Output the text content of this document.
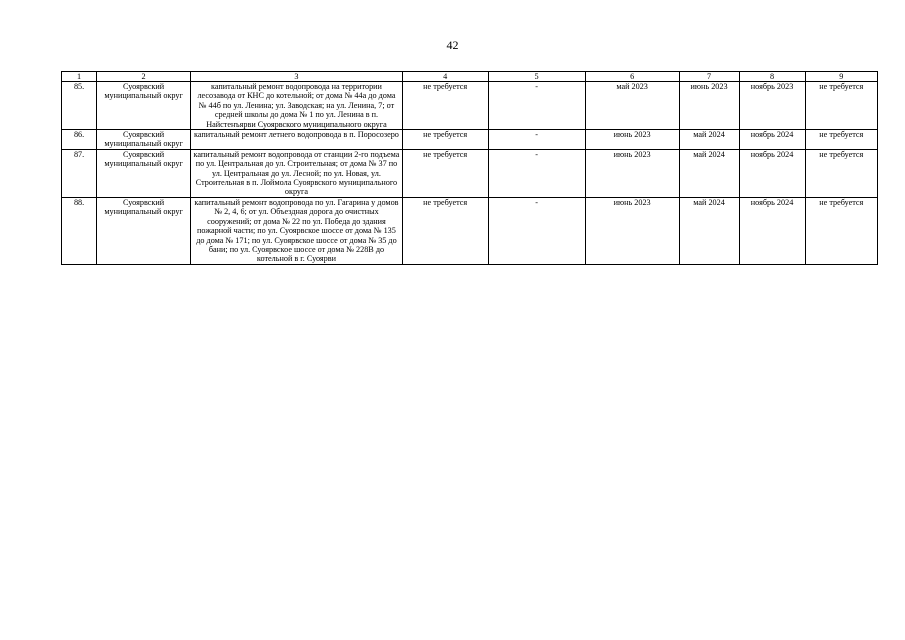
42
1	2	3	4	5	6	7	8	9
85.	Суоярвский муниципальный округ	капитальный ремонт водопровода на территории лесозавода от КНС до котельной; от дома № 44а до дома № 44б по ул. Ленина; ул. Заводская; на ул. Ленина, 7; от средней школы до дома № 1 по ул. Ленина в п. Найстенъярви Суоярвского муниципального округа	не требуется	-	май 2023	июнь 2023	ноябрь 2023	не требуется
86.	Суоярвский муниципальный округ	капитальный ремонт летнего водопровода в п. Поросозеро	не требуется	-	июнь 2023	май 2024	ноябрь 2024	не требуется
87.	Суоярвский муниципальный округ	капитальный ремонт водопровода от станции 2-го подъема по ул. Центральная до ул. Строительная; от дома № 37 по ул. Центральная до ул. Лесной; по ул. Новая, ул. Строительная в п. Лоймола Суоярвского муниципального округа	не требуется	-	июнь 2023	май 2024	ноябрь 2024	не требуется
88.	Суоярвский муниципальный округ	капитальный ремонт водопровода по ул. Гагарина у домов № 2, 4, 6; от ул. Объездная дорога до очистных сооружений; от дома № 22 по ул. Победа до здания пожарной части; по ул. Суоярвское шоссе от дома № 135 до дома № 171; по ул. Суоярвское шоссе от дома № 35 до бани; по ул. Суоярвское шоссе от дома № 228В до котельной в г. Суоярви	не требуется	-	июнь 2023	май 2024	ноябрь 2024	не требуется
